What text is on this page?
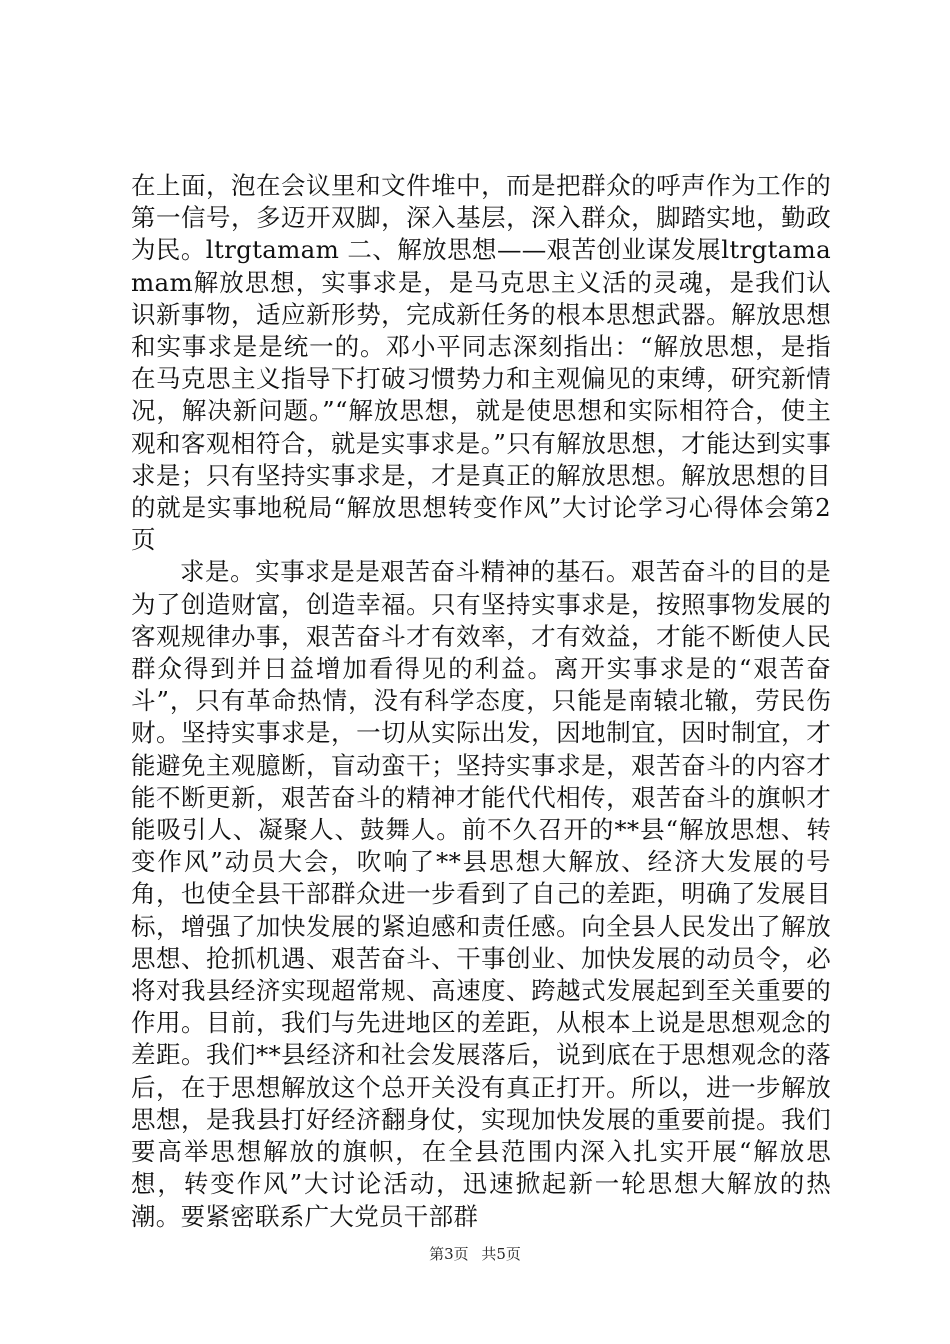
在上面，泡在会议里和文件堆中，而是把群众的呼声作为工作的第一信号，多迈开双脚，深入基层，深入群众，脚踏实地，勤政为民。ltrgtamam 二、解放思想——艰苦创业谋发展ltrgtamamam解放思想，实事求是，是马克思主义活的灵魂，是我们认识新事物，适应新形势，完成新任务的根本思想武器。解放思想和实事求是是统一的。邓小平同志深刻指出：“解放思想，是指在马克思主义指导下打破习惯势力和主观偏见的束缚，研究新情况，解决新问题。”“解放思想，就是使思想和实际相符合，使主观和客观相符合，就是实事求是。”只有解放思想，才能达到实事求是；只有坚持实事求是，才是真正的解放思想。解放思想的目的就是实事地税局“解放思想转变作风”大讨论学习心得体会第2页

求是。实事求是是艰苦奋斗精神的基石。艰苦奋斗的目的是为了创造财富，创造幸福。只有坚持实事求是，按照事物发展的客观规律办事，艰苦奋斗才有效率，才有效益，才能不断使人民群众得到并日益增加看得见的利益。离开实事求是的“艰苦奋斗”，只有革命热情，没有科学态度，只能是南辕北辙，劳民伤财。坚持实事求是，一切从实际出发，因地制宜，因时制宜，才能避免主观臆断，盲动蛮干；坚持实事求是，艰苦奋斗的内容才能不断更新，艰苦奋斗的精神才能代代相传，艰苦奋斗的旗帜才能吸引人、凝聚人、鼓舞人。前不久召开的**县“解放思想、转变作风”动员大会，吹响了**县思想大解放、经济大发展的号角，也使全县干部群众进一步看到了自己的差距，明确了发展目标，增强了加快发展的紧迫感和责任感。向全县人民发出了解放思想、抢抓机遇、艰苦奋斗、干事创业、加快发展的动员令，必将对我县经济实现超常规、高速度、跨越式发展起到至关重要的作用。目前，我们与先进地区的差距，从根本上说是思想观念的差距。我们**县经济和社会发展落后，说到底在于思想观念的落后，在于思想解放这个总开关没有真正打开。所以，进一步解放思想，是我县打好经济翻身仗，实现加快发展的重要前提。我们要高举思想解放的旗帜，在全县范围内深入扎实开展“解放思想，转变作风”大讨论活动，迅速掀起新一轮思想大解放的热潮。要紧密联系广大党员干部群

第3页 共5页
